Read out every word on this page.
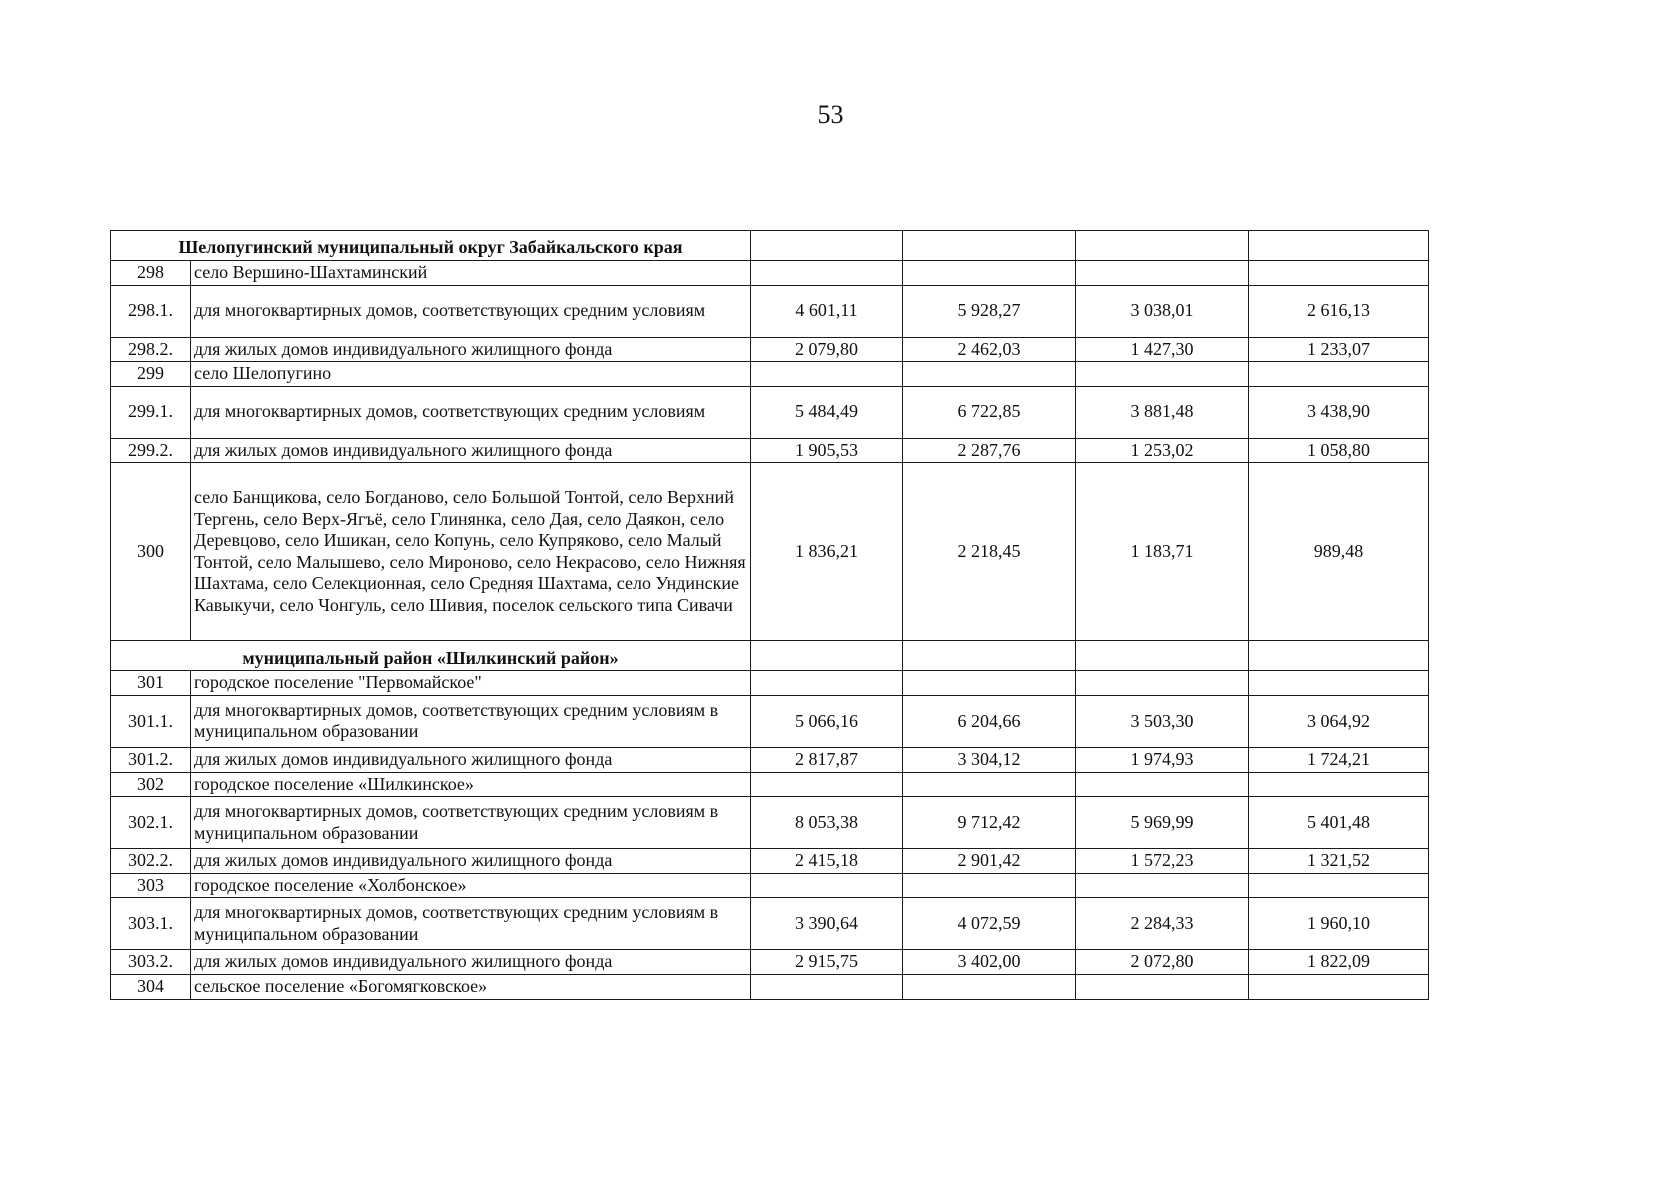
53
Шелопугинский муниципальный округ Забайкальского края					
298	село Вершино-Шахтаминский				
298.1.	для многоквартирных домов, соответствующих средним условиям	4 601,11	5 928,27	3 038,01	2 616,13
298.2.	для жилых домов индивидуального жилищного фонда	2 079,80	2 462,03	1 427,30	1 233,07
299	село Шелопугино				
299.1.	для многоквартирных домов, соответствующих средним условиям	5 484,49	6 722,85	3 881,48	3 438,90
299.2.	для жилых домов индивидуального жилищного фонда	1 905,53	2 287,76	1 253,02	1 058,80
300	село Банщикова, село Богданово, село Большой Тонтой, село Верхний Тергень, село Верх-Ягъё, село Глинянка, село Дая, село Даякон, село Деревцово, село Ишикан, село Копунь, село Купряково, село Малый Тонтой, село Малышево, село Мироново, село Некрасово, село Нижняя Шахтама, село Селекционная, село Средняя Шахтама, село Ундинские Кавыкучи, село Чонгуль, село Шивия, поселок сельского типа Сивачи	1 836,21	2 218,45	1 183,71	989,48
муниципальный район «Шилкинский район»					
301	городское поселение "Первомайское"				
301.1.	для многоквартирных домов, соответствующих средним условиям в муниципальном образовании	5 066,16	6 204,66	3 503,30	3 064,92
301.2.	для жилых домов индивидуального жилищного фонда	2 817,87	3 304,12	1 974,93	1 724,21
302	городское поселение «Шилкинское»				
302.1.	для многоквартирных домов, соответствующих средним условиям в муниципальном образовании	8 053,38	9 712,42	5 969,99	5 401,48
302.2.	для жилых домов индивидуального жилищного фонда	2 415,18	2 901,42	1 572,23	1 321,52
303	городское поселение «Холбонское»				
303.1.	для многоквартирных домов, соответствующих средним условиям в муниципальном образовании	3 390,64	4 072,59	2 284,33	1 960,10
303.2.	для жилых домов индивидуального жилищного фонда	2 915,75	3 402,00	2 072,80	1 822,09
304	сельское поселение «Богомягковское»				
